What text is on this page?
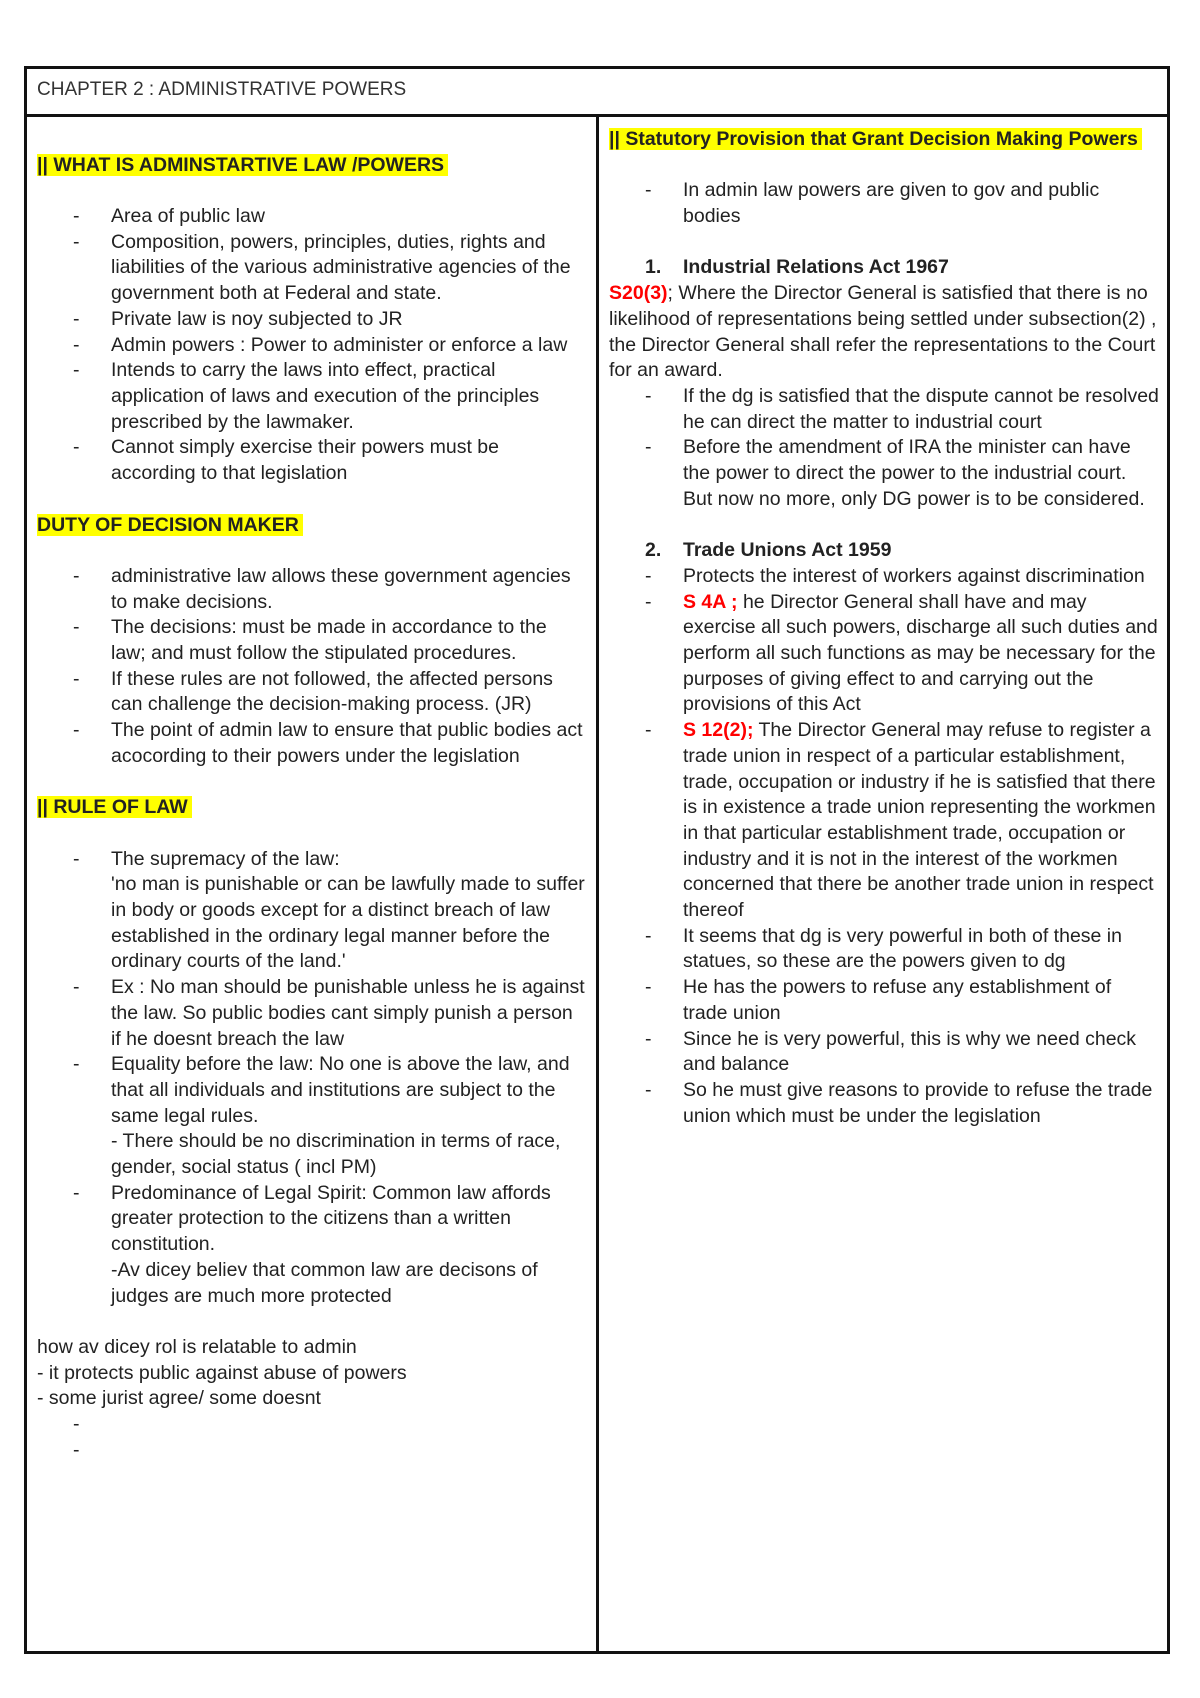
CHAPTER 2 : ADMINISTRATIVE POWERS
|| WHAT IS ADMINSTARTIVE LAW /POWERS
- Area of public law
- Composition, powers, principles, duties, rights and liabilities of the various administrative agencies of the government both at Federal and state.
- Private law is noy subjected to JR
- Admin powers : Power to administer or enforce a law
- Intends to carry the laws into effect, practical application of laws and execution of the principles prescribed by the lawmaker.
- Cannot simply exercise their powers must be according to that legislation
DUTY OF DECISION MAKER
- administrative law allows these government agencies to make decisions.
- The decisions: must be made in accordance to the law; and must follow the stipulated procedures.
- If these rules are not followed, the affected persons can challenge the decision-making process. (JR)
- The point of admin law to ensure that public bodies act acocording to their powers under the legislation
|| RULE OF LAW
- The supremacy of the law:
'no man is punishable or can be lawfully made to suffer in body or goods except for a distinct breach of law established in the ordinary legal manner before the ordinary courts of the land.'
- Ex : No man should be punishable unless he is against the law. So public bodies cant simply punish a person if he doesnt breach the law
- Equality before the law: No one is above the law, and that all individuals and institutions are subject to the same legal rules.
- There should be no discrimination in terms of race, gender, social status ( incl PM)
- Predominance of Legal Spirit: Common law affords greater protection to the citizens than a written constitution.
-Av dicey believ that common law are decisons of judges are much more protected
how av dicey rol is relatable to admin
- it protects public against abuse of powers
- some jurist agree/ some doesnt
-
-
|| Statutory Provision that Grant Decision Making Powers
- In admin law powers are given to gov and public bodies
1. Industrial Relations Act 1967
S20(3); Where the Director General is satisfied that there is no likelihood of representations being settled under subsection(2) , the Director General shall refer the representations to the Court for an award.
- If the dg is satisfied that the dispute cannot be resolved he can direct the matter to industrial court
- Before the amendment of IRA the minister can have the power to direct the power to the industrial court. But now no more, only DG power is to be considered.
2. Trade Unions Act 1959
- Protects the interest of workers against discrimination
- S 4A ; he Director General shall have and may exercise all such powers, discharge all such duties and perform all such functions as may be necessary for the purposes of giving effect to and carrying out the provisions of this Act
- S 12(2); The Director General may refuse to register a trade union in respect of a particular establishment, trade, occupation or industry if he is satisfied that there is in existence a trade union representing the workmen in that particular establishment trade, occupation or industry and it is not in the interest of the workmen concerned that there be another trade union in respect thereof
- It seems that dg is very powerful in both of these in statues, so these are the powers given to dg
- He has the powers to refuse any establishment of trade union
- Since he is very powerful, this is why we need check and balance
- So he must give reasons to provide to refuse the trade union which must be under the legislation
